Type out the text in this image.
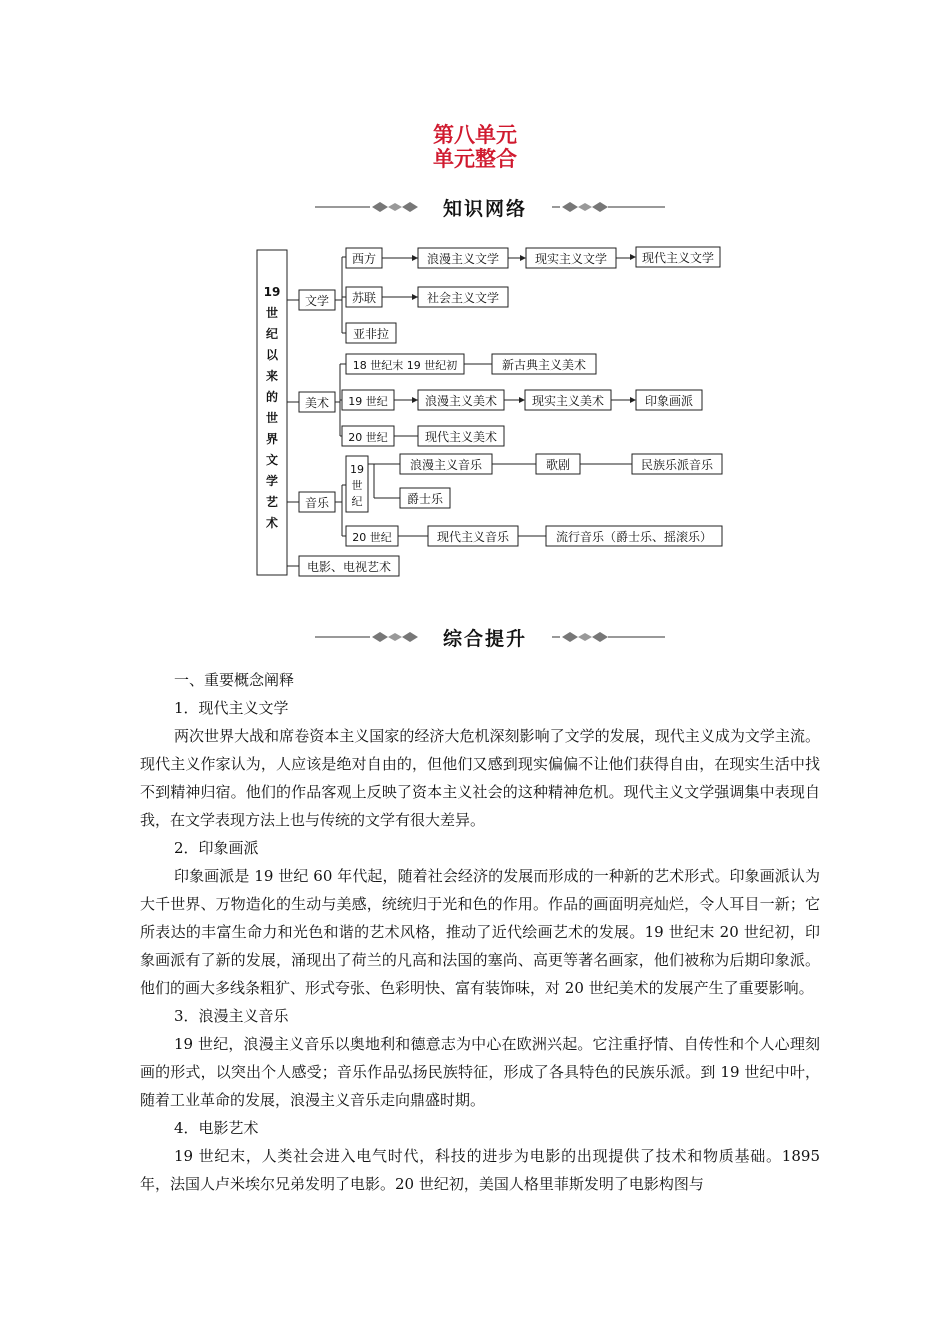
第八单元
单元整合
知识网络
19
世
纪
以
来
的
世
界
文
学
艺
术
文学
美术
音乐
电影、电视艺术
西方	浪漫主义文学	现实主义文学	现代主义文学
苏联	社会主义文学
亚非拉
18 世纪末 19 世纪初	新古典主义美术
19 世纪	浪漫主义美术	现实主义美术	印象画派
20 世纪	现代主义美术
19
世
纪
浪漫主义音乐	歌剧	民族乐派音乐
爵士乐
20 世纪	现代主义音乐	流行音乐（爵士乐、摇滚乐）
综合提升

一、重要概念阐释

1．现代主义文学

两次世界大战和席卷资本主义国家的经济大危机深刻影响了文学的发展，现代主义成为文学主流。现代主义作家认为，人应该是绝对自由的，但他们又感到现实偏偏不让他们获得自由，在现实生活中找不到精神归宿。他们的作品客观上反映了资本主义社会的这种精神危机。现代主义文学强调集中表现自我，在文学表现方法上也与传统的文学有很大差异。

2．印象画派

印象画派是 19 世纪 60 年代起，随着社会经济的发展而形成的一种新的艺术形式。印象画派认为大千世界、万物造化的生动与美感，统统归于光和色的作用。作品的画面明亮灿烂，令人耳目一新；它所表达的丰富生命力和光色和谐的艺术风格，推动了近代绘画艺术的发展。19 世纪末 20 世纪初，印象画派有了新的发展，涌现出了荷兰的凡高和法国的塞尚、高更等著名画家，他们被称为后期印象派。他们的画大多线条粗犷、形式夸张、色彩明快、富有装饰味，对 20 世纪美术的发展产生了重要影响。

3．浪漫主义音乐

19 世纪，浪漫主义音乐以奥地利和德意志为中心在欧洲兴起。它注重抒情、自传性和个人心理刻画的形式，以突出个人感受；音乐作品弘扬民族特征，形成了各具特色的民族乐派。到 19 世纪中叶，随着工业革命的发展，浪漫主义音乐走向鼎盛时期。

4．电影艺术

19 世纪末，人类社会进入电气时代，科技的进步为电影的出现提供了技术和物质基础。1895 年，法国人卢米埃尔兄弟发明了电影。20 世纪初，美国人格里菲斯发明了电影构图与
